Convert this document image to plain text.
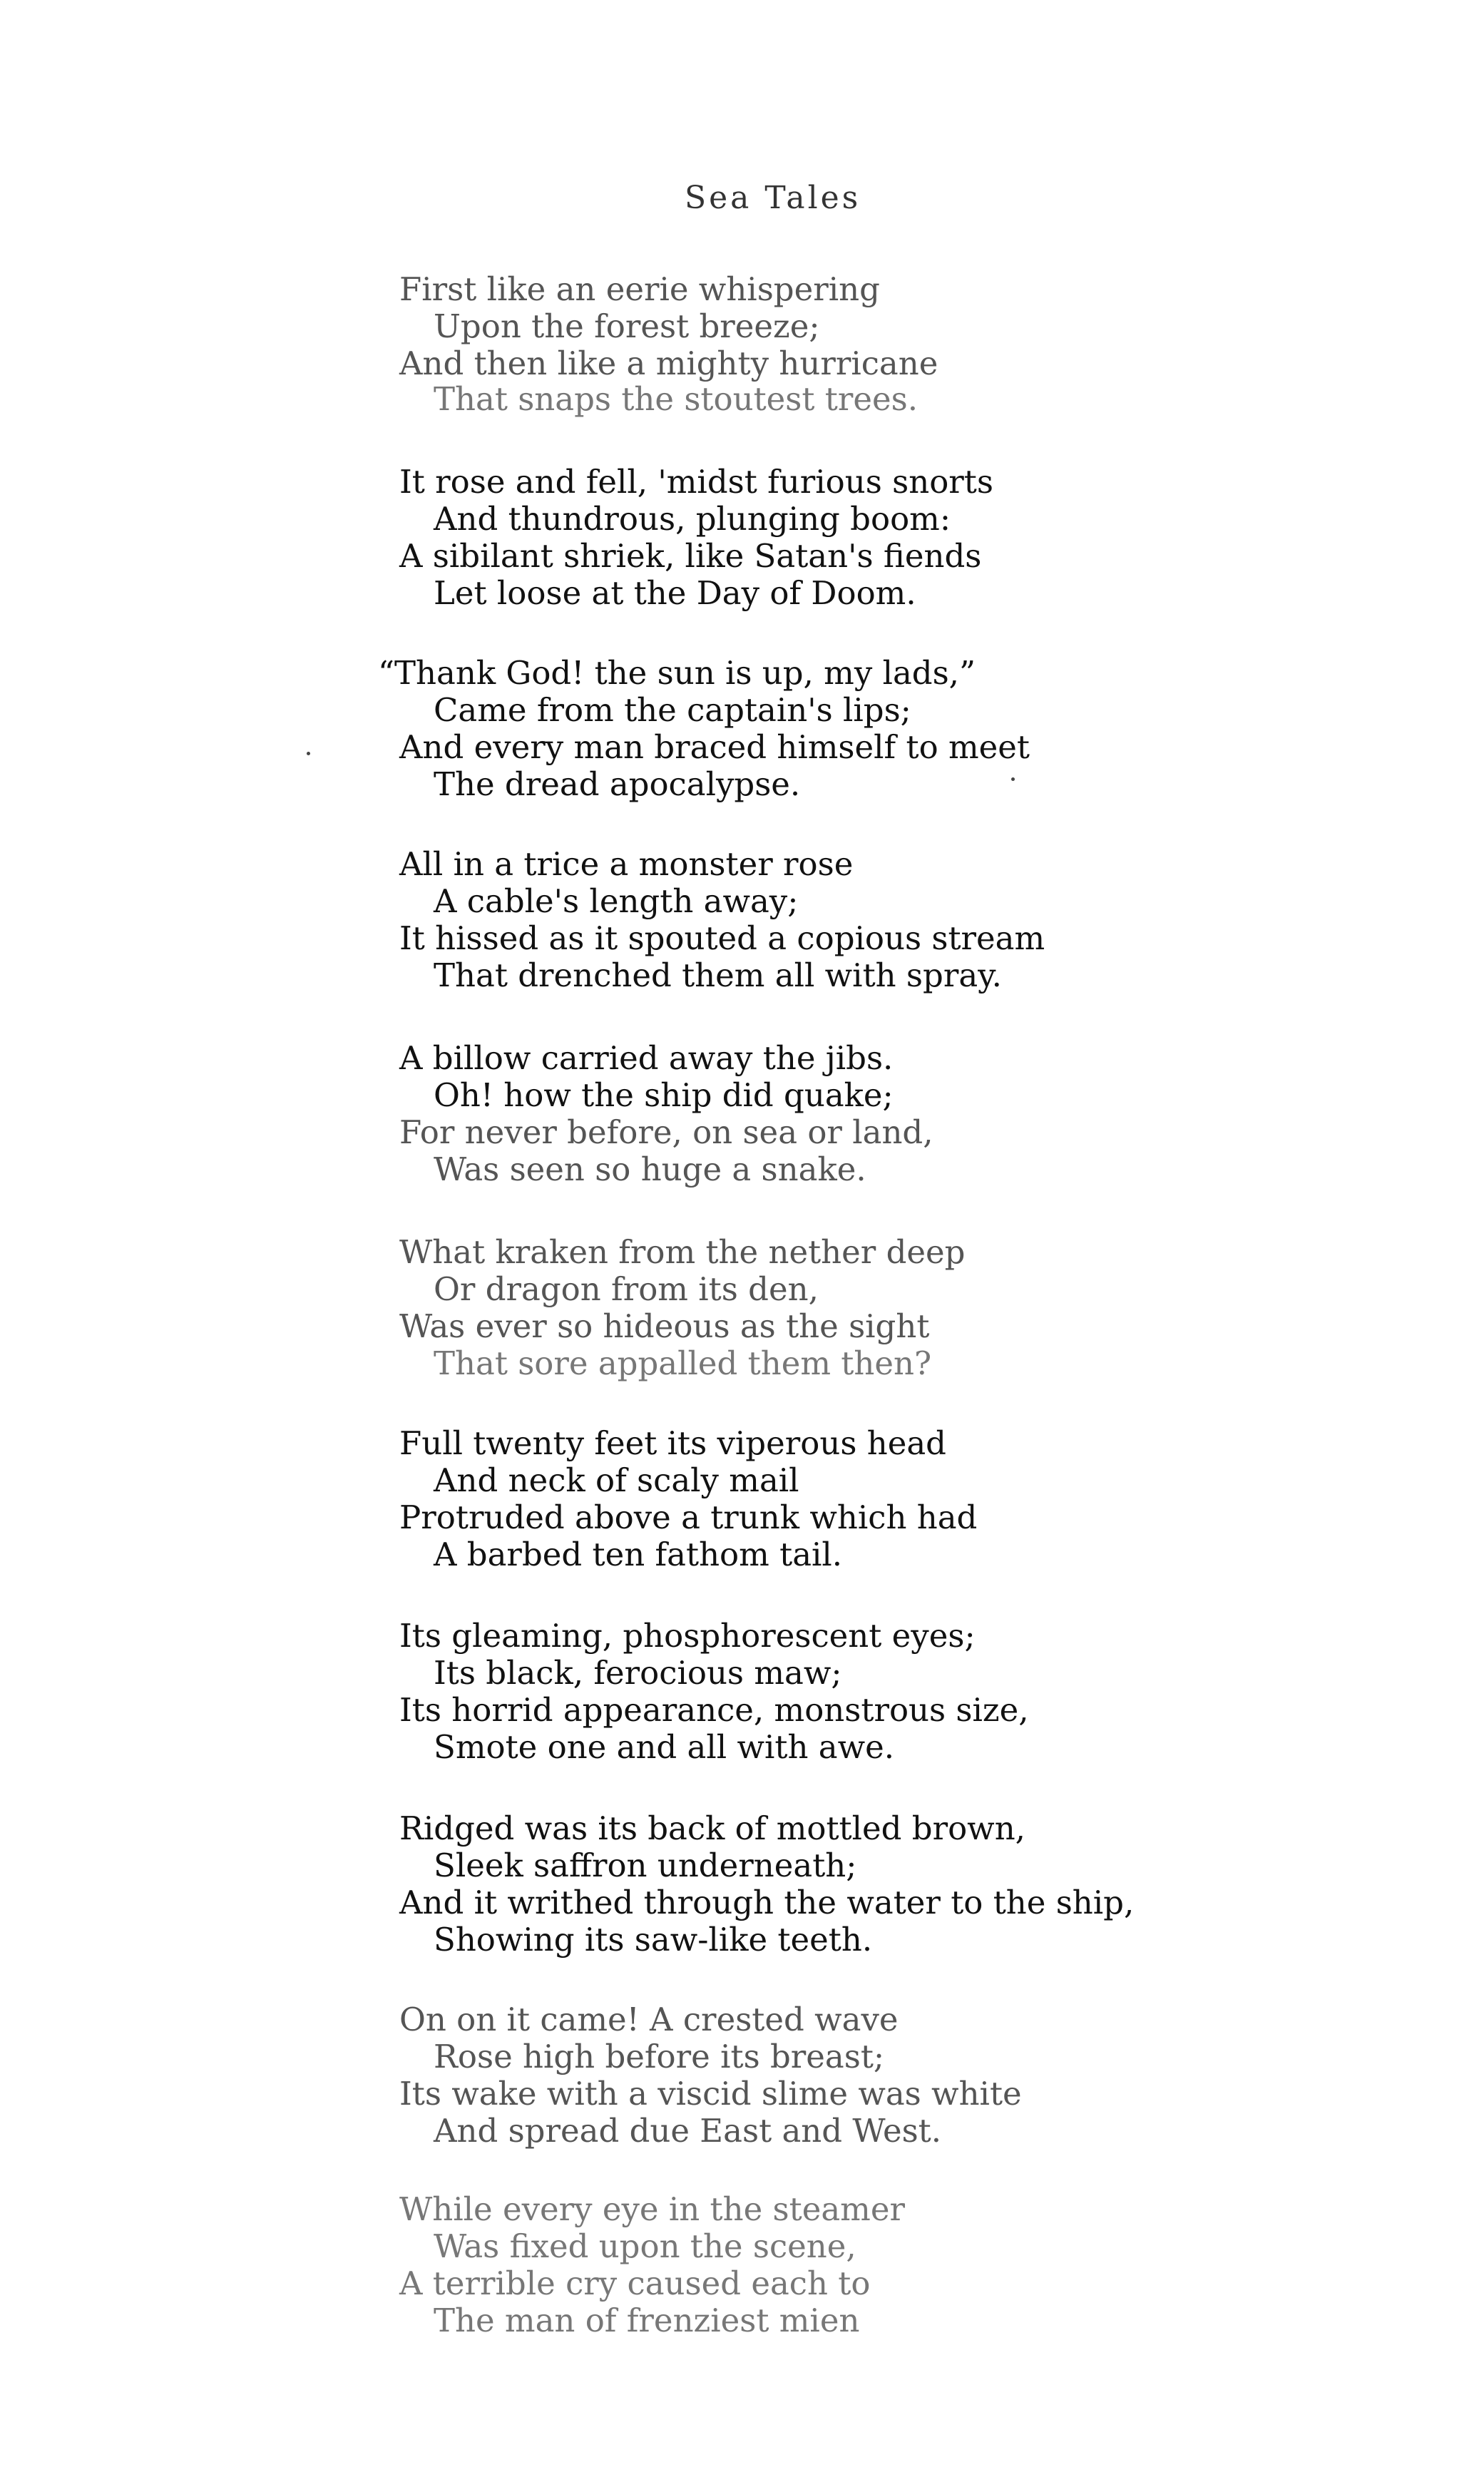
Sea Tales
First like an eerie whispering
Upon the forest breeze;
And then like a mighty hurricane
That snaps the stoutest trees.
It rose and fell, 'midst furious snorts
And thundrous, plunging boom:
A sibilant shriek, like Satan's fiends
Let loose at the Day of Doom.
“Thank God! the sun is up, my lads,”
Came from the captain's lips;
And every man braced himself to meet
The dread apocalypse.
All in a trice a monster rose
A cable's length away;
It hissed as it spouted a copious stream
That drenched them all with spray.
A billow carried away the jibs.
Oh! how the ship did quake;
For never before, on sea or land,
Was seen so huge a snake.
What kraken from the nether deep
Or dragon from its den,
Was ever so hideous as the sight
That sore appalled them then?
Full twenty feet its viperous head
And neck of scaly mail
Protruded above a trunk which had
A barbed ten fathom tail.
Its gleaming, phosphorescent eyes;
Its black, ferocious maw;
Its horrid appearance, monstrous size,
Smote one and all with awe.
Ridged was its back of mottled brown,
Sleek saffron underneath;
And it writhed through the water to the ship,
Showing its saw-like teeth.
On on it came! A crested wave
Rose high before its breast;
Its wake with a viscid slime was white
And spread due East and West.
While every eye in the steamer
Was fixed upon the scene,
A terrible cry caused each to
The man of frenziest mien
